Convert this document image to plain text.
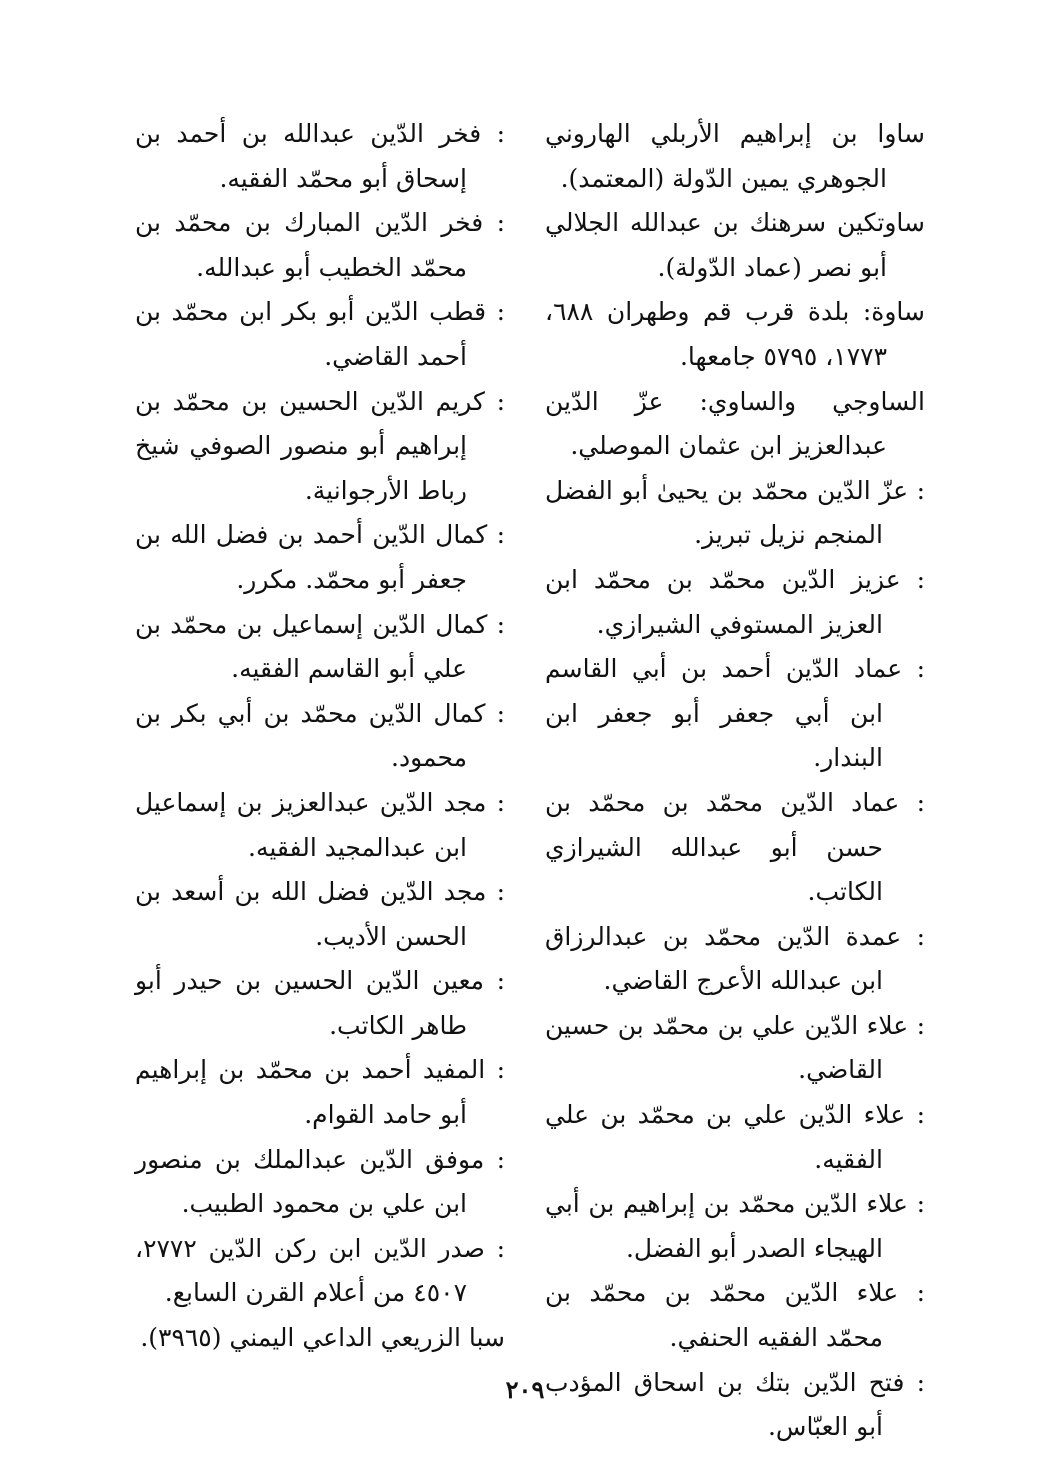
ساوا بن إبراهيم الأربلي الهاروني الجوهري يمين الدّولة (المعتمد).

ساوتكين سرهنك بن عبدالله الجلالي أبو نصر (عماد الدّولة).

ساوة: بلدة قرب قم وطهران ٦٨٨، ١٧٧٣، ٥٧٩٥ جامعها.

الساوجي والساوي: عزّ الدّين عبدالعزيز ابن عثمان الموصلي.

: عزّ الدّين محمّد بن يحيىٰ أبو الفضل المنجم نزيل تبريز.

: عزيز الدّين محمّد بن محمّد ابن العزيز المستوفي الشيرازي.

: عماد الدّين أحمد بن أبي القاسم ابن أبي جعفر أبو جعفر ابن البندار.

: عماد الدّين محمّد بن محمّد بن حسن أبو عبدالله الشيرازي الكاتب.

: عمدة الدّين محمّد بن عبدالرزاق ابن عبدالله الأعرج القاضي.

: علاء الدّين علي بن محمّد بن حسين القاضي.

: علاء الدّين علي بن محمّد بن علي الفقيه.

: علاء الدّين محمّد بن إبراهيم بن أبي الهيجاء الصدر أبو الفضل.

: علاء الدّين محمّد بن محمّد بن محمّد الفقيه الحنفي.

: فتح الدّين بتك بن اسحاق المؤدب أبو العبّاس.

: فخر الدّين عبدالله بن أحمد بن إسحاق أبو محمّد الفقيه.

: فخر الدّين المبارك بن محمّد بن محمّد الخطيب أبو عبدالله.

: قطب الدّين أبو بكر ابن محمّد بن أحمد القاضي.

: كريم الدّين الحسين بن محمّد بن إبراهيم أبو منصور الصوفي شيخ رباط الأرجوانية.

: كمال الدّين أحمد بن فضل الله بن جعفر أبو محمّد. مكرر.

: كمال الدّين إسماعيل بن محمّد بن علي أبو القاسم الفقيه.

: كمال الدّين محمّد بن أبي بكر بن محمود.

: مجد الدّين عبدالعزيز بن إسماعيل ابن عبدالمجيد الفقيه.

: مجد الدّين فضل الله بن أسعد بن الحسن الأديب.

: معين الدّين الحسين بن حيدر أبو طاهر الكاتب.

: المفيد أحمد بن محمّد بن إبراهيم أبو حامد القوام.

: موفق الدّين عبدالملك بن منصور ابن علي بن محمود الطبيب.

: صدر الدّين ابن ركن الدّين ٢٧٧٢، ٤٥٠٧ من أعلام القرن السابع.

سبا الزريعي الداعي اليمني (٣٩٦٥).

٢٠٩
